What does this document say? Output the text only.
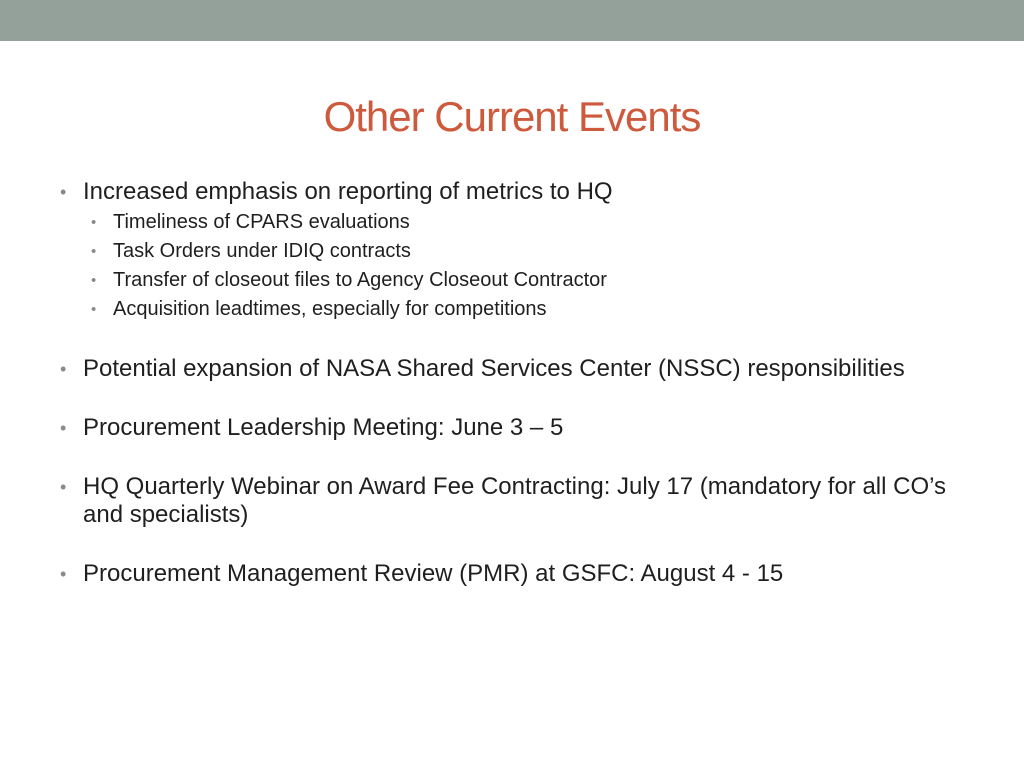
Other Current Events
• Increased emphasis on reporting of metrics to HQ
• Timeliness of CPARS evaluations
• Task Orders under IDIQ contracts
• Transfer of closeout files to Agency Closeout Contractor
• Acquisition leadtimes, especially for competitions
• Potential expansion of NASA Shared Services Center (NSSC) responsibilities
• Procurement Leadership Meeting: June 3 – 5
• HQ Quarterly Webinar on Award Fee Contracting: July 17 (mandatory for all CO’s and specialists)
• Procurement Management Review (PMR) at GSFC: August 4 - 15
